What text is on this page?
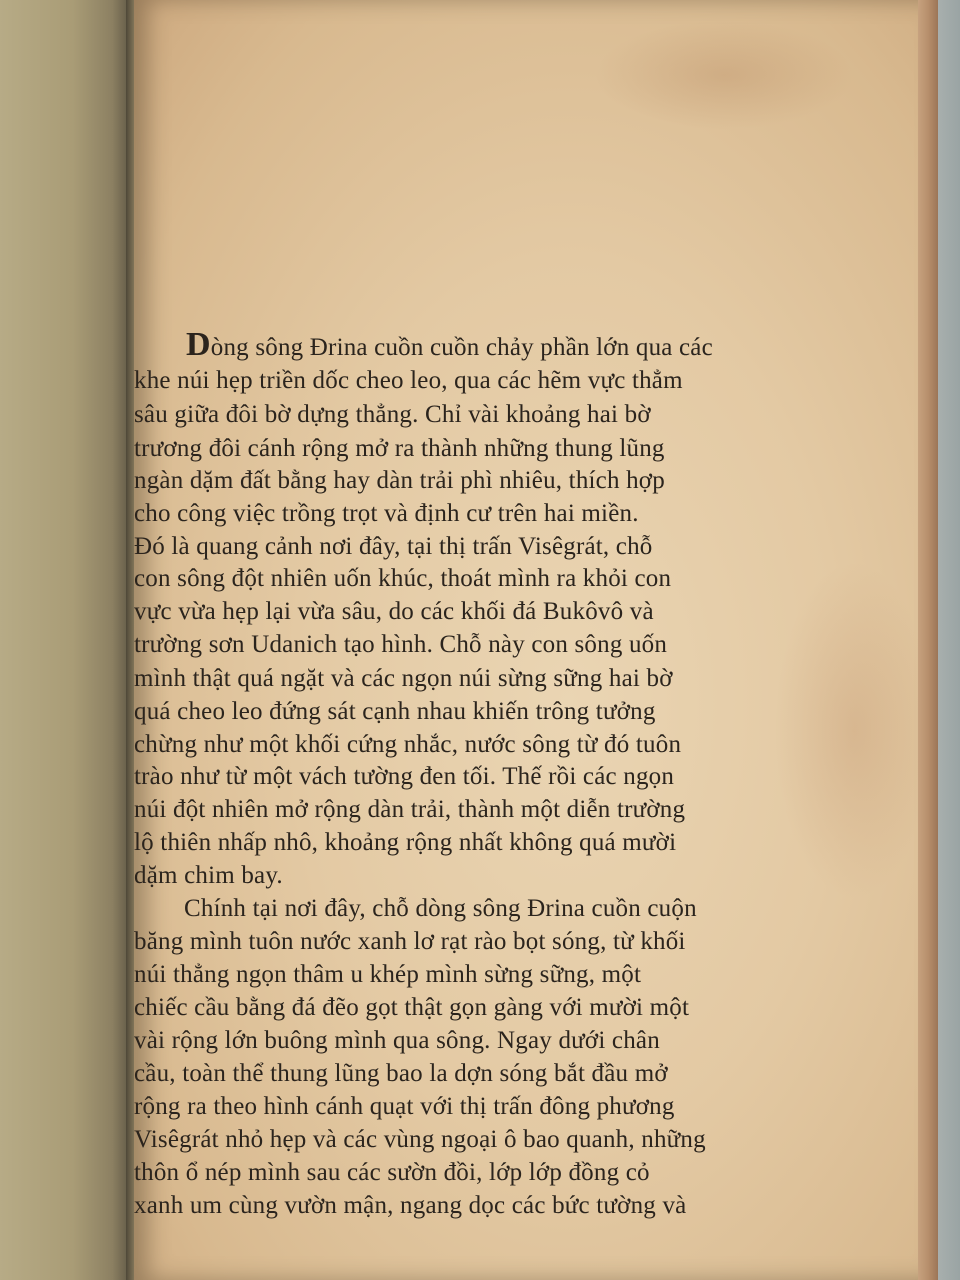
Dòng sông Đrina cuồn cuồn chảy phần lớn qua các

khe núi hẹp triền dốc cheo leo, qua các hẽm vực thẳm

sâu giữa đôi bờ dựng thẳng. Chỉ vài khoảng hai bờ

trương đôi cánh rộng mở ra thành những thung lũng

ngàn dặm đất bằng hay dàn trải phì nhiêu, thích hợp

cho công việc trồng trọt và định cư trên hai miền.

Đó là quang cảnh nơi đây, tại thị trấn Visêgrát, chỗ

con sông đột nhiên uốn khúc, thoát mình ra khỏi con

vực vừa hẹp lại vừa sâu, do các khối đá Bukôvô và

trường sơn Udanich tạo hình. Chỗ này con sông uốn

mình thật quá ngặt và các ngọn núi sừng sững hai bờ

quá cheo leo đứng sát cạnh nhau khiến trông tưởng

chừng như một khối cứng nhắc, nước sông từ đó tuôn

trào như từ một vách tường đen tối. Thế rồi các ngọn

núi đột nhiên mở rộng dàn trải, thành một diễn trường

lộ thiên nhấp nhô, khoảng rộng nhất không quá mười

dặm chim bay.

Chính tại nơi đây, chỗ dòng sông Đrina cuồn cuộn

băng mình tuôn nước xanh lơ rạt rào bọt sóng, từ khối

núi thẳng ngọn thâm u khép mình sừng sững, một

chiếc cầu bằng đá đẽo gọt thật gọn gàng với mười một

vài rộng lớn buông mình qua sông. Ngay dưới chân

cầu, toàn thể thung lũng bao la dợn sóng bắt đầu mở

rộng ra theo hình cánh quạt với thị trấn đông phương

Visêgrát nhỏ hẹp và các vùng ngoại ô bao quanh, những

thôn ổ nép mình sau các sườn đồi, lớp lớp đồng cỏ

xanh um cùng vườn mận, ngang dọc các bức tường và
